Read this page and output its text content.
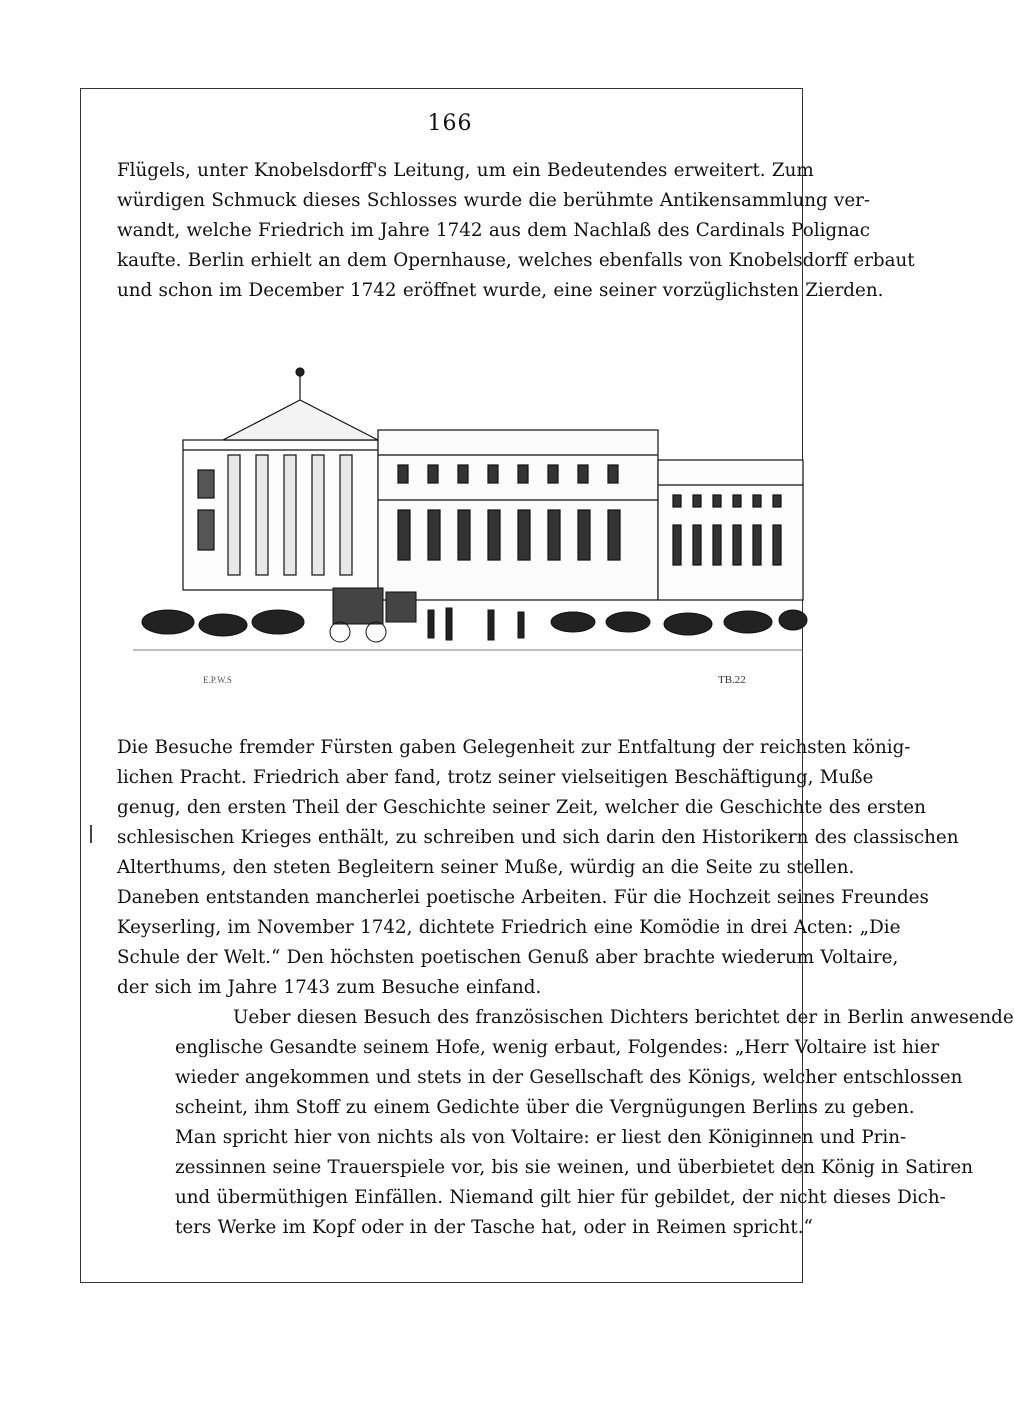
166

Flügels, unter Knobelsdorff's Leitung, um ein Bedeutendes erweitert. Zum
würdigen Schmuck dieses Schlosses wurde die berühmte Antikensammlung ver-
wandt, welche Friedrich im Jahre 1742 aus dem Nachlaß des Cardinals Polignac
kaufte. Berlin erhielt an dem Opernhause, welches ebenfalls von Knobelsdorff erbaut
und schon im December 1742 eröffnet wurde, eine seiner vorzüglichsten Zierden.

E.P.W.S	TB.22

Die Besuche fremder Fürsten gaben Gelegenheit zur Entfaltung der reichsten könig-
lichen Pracht. Friedrich aber fand, trotz seiner vielseitigen Beschäftigung, Muße
genug, den ersten Theil der Geschichte seiner Zeit, welcher die Geschichte des ersten
schlesischen Krieges enthält, zu schreiben und sich darin den Historikern des classischen
Alterthums, den steten Begleitern seiner Muße, würdig an die Seite zu stellen.
Daneben entstanden mancherlei poetische Arbeiten. Für die Hochzeit seines Freundes
Keyserling, im November 1742, dichtete Friedrich eine Komödie in drei Acten: „Die
Schule der Welt.“ Den höchsten poetischen Genuß aber brachte wiederum Voltaire,
der sich im Jahre 1743 zum Besuche einfand.

Ueber diesen Besuch des französischen Dichters berichtet der in Berlin anwesende
englische Gesandte seinem Hofe, wenig erbaut, Folgendes: „Herr Voltaire ist hier
wieder angekommen und stets in der Gesellschaft des Königs, welcher entschlossen
scheint, ihm Stoff zu einem Gedichte über die Vergnügungen Berlins zu geben.
Man spricht hier von nichts als von Voltaire: er liest den Königinnen und Prin-
zessinnen seine Trauerspiele vor, bis sie weinen, und überbietet den König in Satiren
und übermüthigen Einfällen. Niemand gilt hier für gebildet, der nicht dieses Dich-
ters Werke im Kopf oder in der Tasche hat, oder in Reimen spricht.“
